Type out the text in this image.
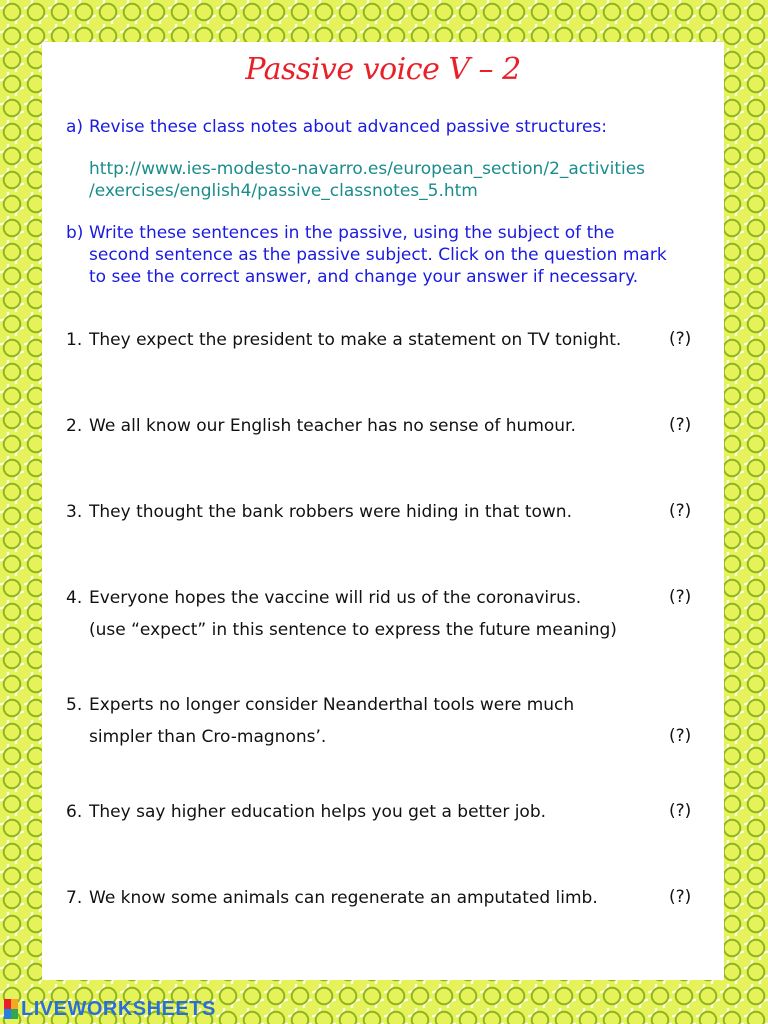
Passive voice V – 2
a) Revise these class notes about advanced passive structures:
http://www.ies-modesto-navarro.es/european_section/2_activities
/exercises/english4/passive_classnotes_5.htm
b) Write these sentences in the passive, using the subject of the
second sentence as the passive subject. Click on the question mark
to see the correct answer, and change your answer if necessary.
1. They expect the president to make a statement on TV tonight.	(?)
2. We all know our English teacher has no sense of humour.	(?)
3. They thought the bank robbers were hiding in that town.	(?)
4. Everyone hopes the vaccine will rid us of the coronavirus.
(use “expect” in this sentence to express the future meaning)
(?)
5. Experts no longer consider Neanderthal tools were much
simpler than Cro-magnons’.	(?)
6. They say higher education helps you get a better job.	(?)
7. We know some animals can regenerate an amputated limb.	(?)
LIVEWORKSHEETS
